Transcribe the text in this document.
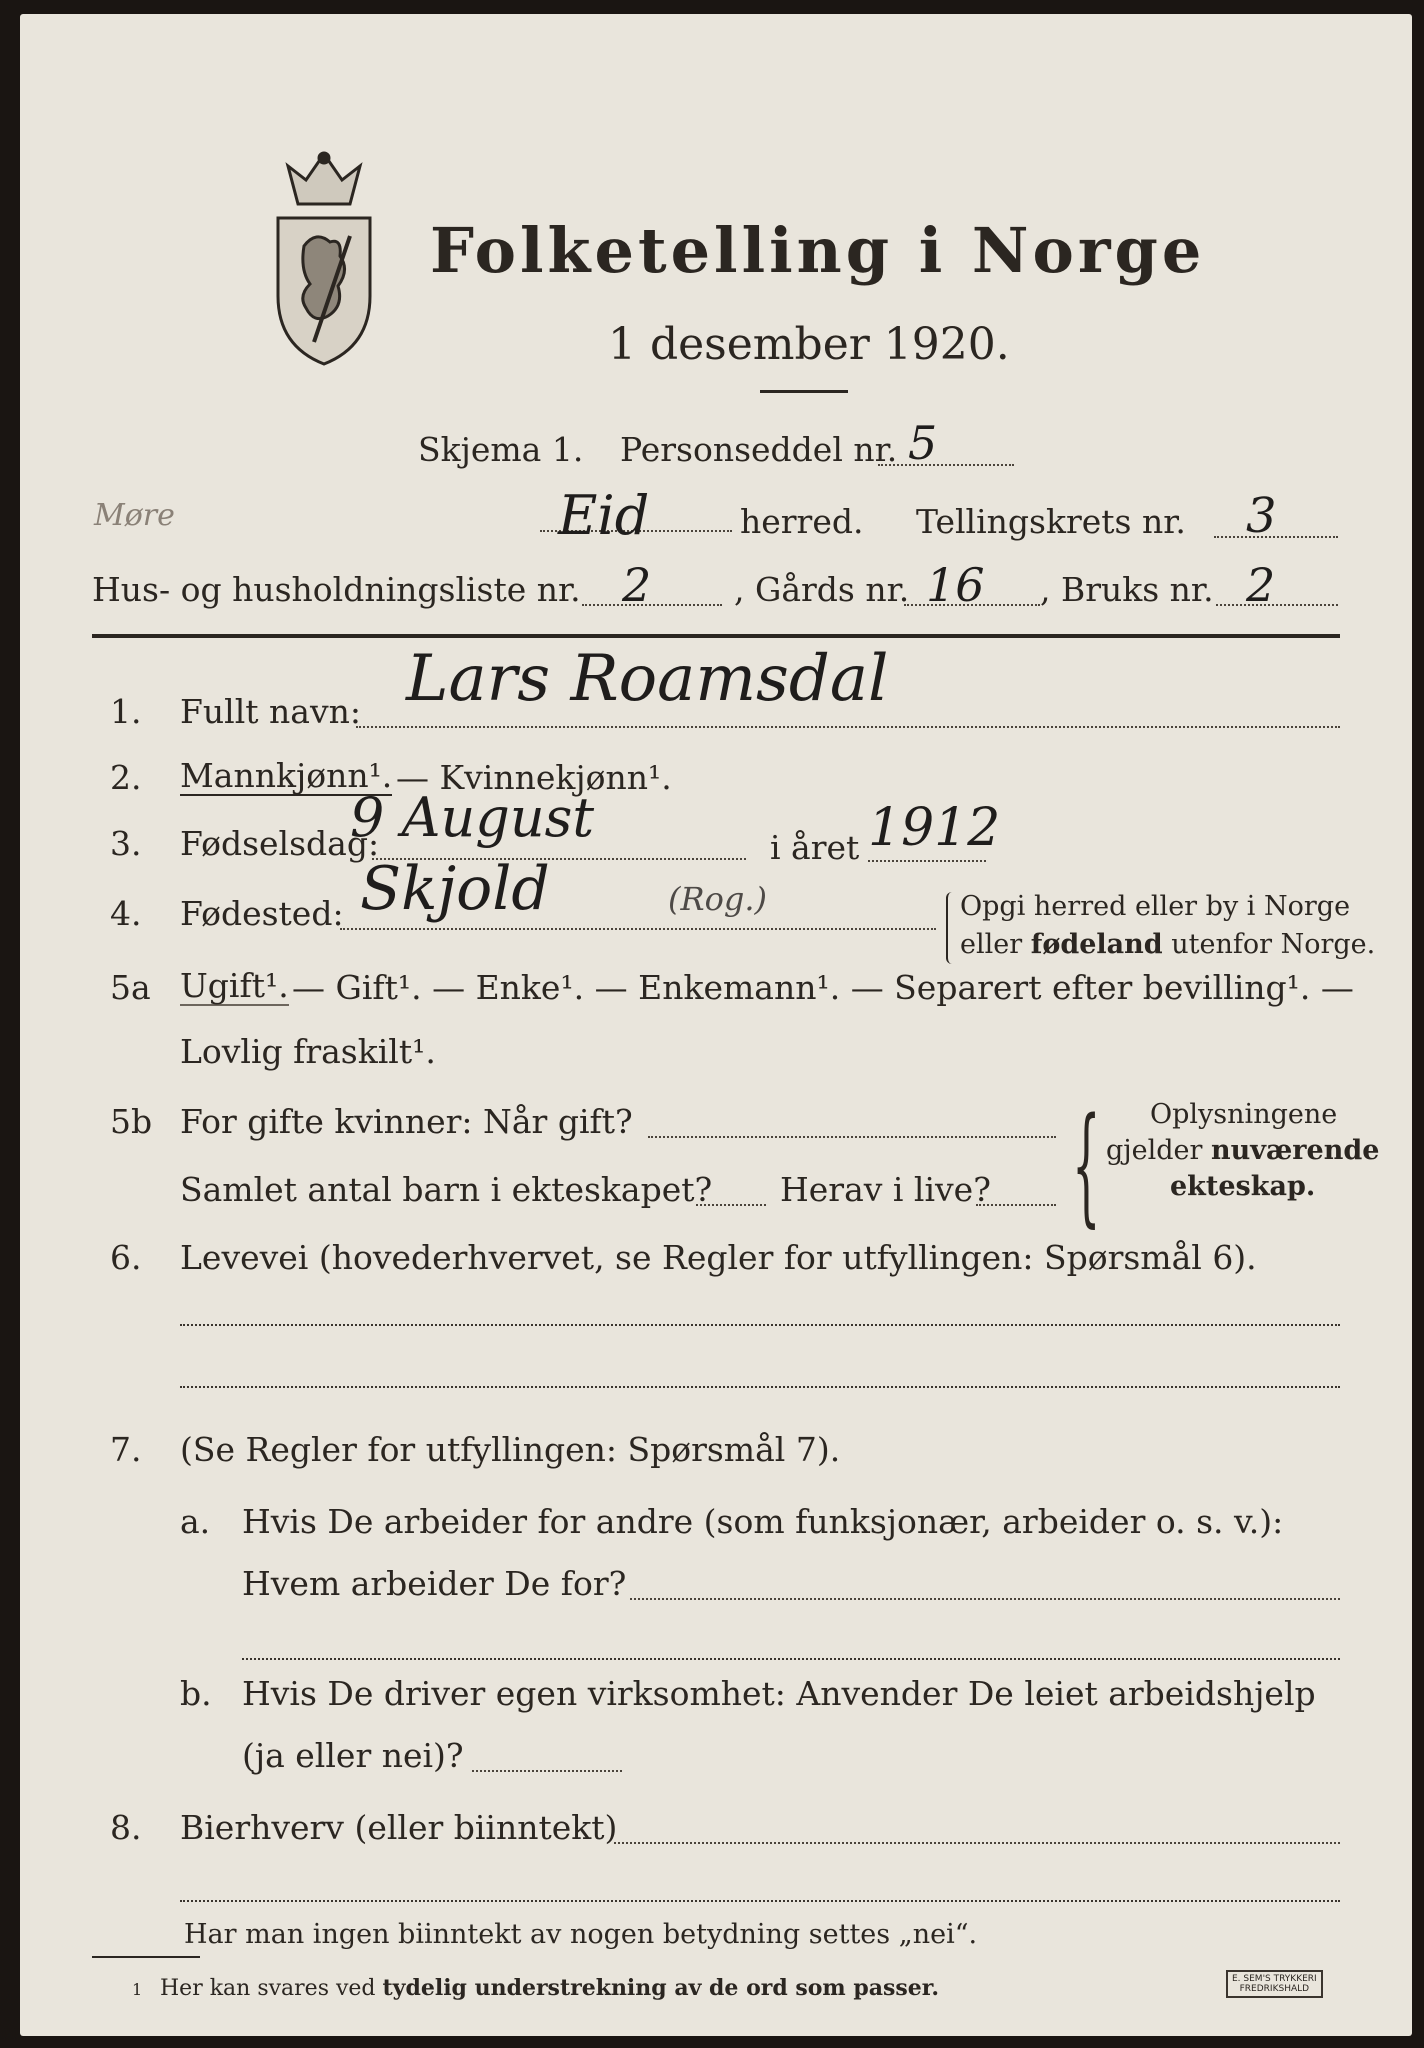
Folketelling i Norge
1 desember 1920.
Skjema 1. Personseddel nr. 5
Møre	Eid	herred. Tellingskrets nr. 3
Hus- og husholdningsliste nr. 2	, Gårds nr. 16 , Bruks nr. 2
1. Fullt navn: Lars Roamsdal
2. Mannkjønn¹. — Kvinnekjønn¹.
3. Fødselsdag:
9 August	i året 1912
4. Fødested: Skjold	(Rog.)	Opgi herred eller by i Norge
eller fødeland utenfor Norge.
5a Ugift¹. — Gift¹. — Enke¹. — Enkemann¹. — Separert efter bevilling¹. —
Lovlig fraskilt¹.
5b For gifte kvinner: Når gift?
Samlet antal barn i ekteskapet? Herav i live? { Oplysningene
gjelder nuværende
ekteskap.
6. Levevei (hovederhvervet, se Regler for utfyllingen: Spørsmål 6).
7. (Se Regler for utfyllingen: Spørsmål 7).
a. Hvis De arbeider for andre (som funksjonær, arbeider o. s. v.):
Hvem arbeider De for?
b. Hvis De driver egen virksomhet: Anvender De leiet arbeidshjelp
(ja eller nei)?
8. Bierhverv (eller biinntekt)
Har man ingen biinntekt av nogen betydning settes „nei“.
1 Her kan svares ved tydelig understrekning av de ord som passer.	E. SEM'S TRYKKERI
FREDRIKSHALD
